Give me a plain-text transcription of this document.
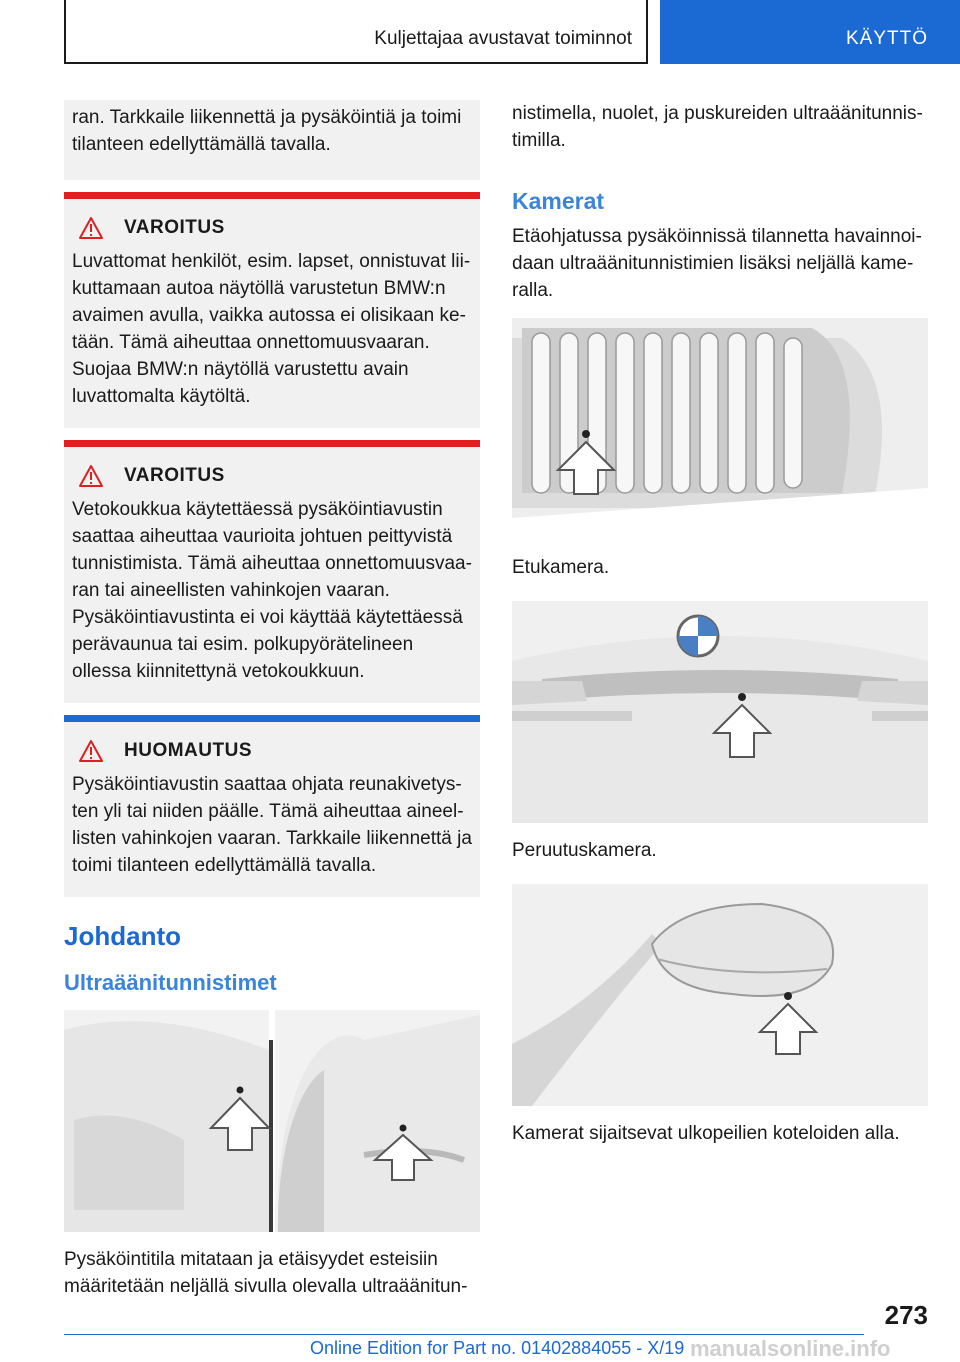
Kuljettajaa avustavat toiminnot	KÄYTTÖ

ran. Tarkkaile liikennettä ja pysäköintiä ja toimi tilanteen edellyttämällä tavalla.

VAROITUS

Luvattomat henkilöt, esim. lapset, onnistuvat liikuttamaan autoa näytöllä varustetun BMW:n avaimen avulla, vaikka autossa ei olisikaan ketään. Tämä aiheuttaa onnettomuusvaaran. Suojaa BMW:n näytöllä varustettu avain luvattomalta käytöltä.

VAROITUS

Vetokoukkua käytettäessä pysäköintiavustin saattaa aiheuttaa vaurioita johtuen peittyvistä tunnistimista. Tämä aiheuttaa onnettomuusvaaran tai aineellisten vahinkojen vaaran. Pysäköintiavustinta ei voi käyttää käytettäessä perävaunua tai esim. polkupyörätelineen ollessa kiinnitettynä vetokoukkuun.

HUOMAUTUS

Pysäköintiavustin saattaa ohjata reunakivetysten yli tai niiden päälle. Tämä aiheuttaa aineellisten vahinkojen vaaran. Tarkkaile liikennettä ja toimi tilanteen edellyttämällä tavalla.

Johdanto
Ultraäänitunnistimet

Pysäköintitila mitataan ja etäisyydet esteisiin määritetään neljällä sivulla olevalla ultraäänitun-

nistimella, nuolet, ja puskureiden ultraäänitunnistimilla.

Kamerat

Etäohjatussa pysäköinnissä tilannetta havainnoidaan ultraäänitunnistimien lisäksi neljällä kameralla.

Etukamera.

Peruutuskamera.

Kamerat sijaitsevat ulkopeilien koteloiden alla.

273
Online Edition for Part no. 01402884055 - X/19 manualsonline.info
